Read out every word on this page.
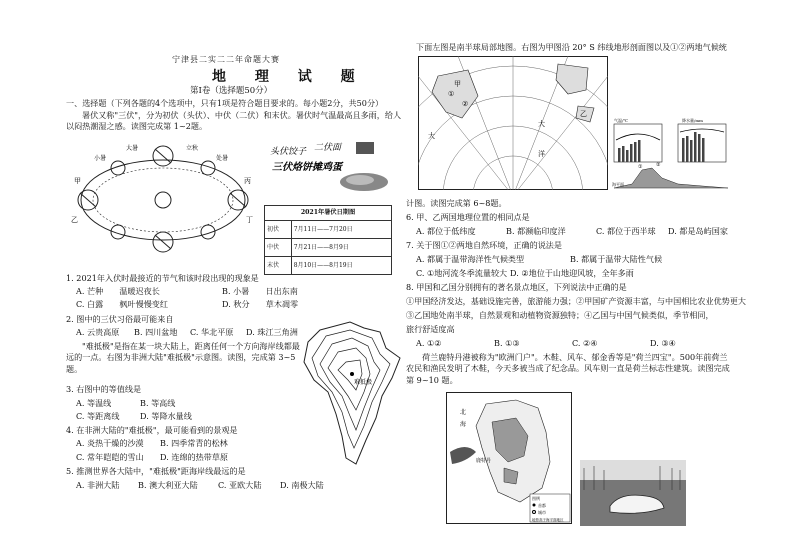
宁津县二实二二年命题大赛
地 理 试 题
第Ⅰ卷（选择题50分）
一、选择题（下列各题的4个选项中，只有1项是符合题目要求的。每小题2分，共50分）
暑伏又称"三伏"，分为初伏（头伏）、中伏（二伏）和末伏。暑伏时气温最高且多雨，给人以闷热潮湿之感。读图完成第 1~2题。
甲
乙
丙
丁
小暑
大暑	立秋
处暑
头伏饺子 二伏面
三伏烙饼摊鸡蛋
2021年暑伏日期图	
初伏	7月11日——7月20日
中伏	7月21日——8月9日
末伏	8月10日——8月19日
1. 2021年入伏时最接近的节气和该时段出现的现象是
A. 芒种　　温暖迟夜长	B. 小暑　　日出东南
C. 白露　　枫叶慢慢变红	D. 秋分　　草木凋零
2. 图中的三伏习俗最可能来自
A. 云贵高原 B. 四川盆地 C. 华北平原 D. 珠江三角洲
"难抵极"是指在某一块大陆上，距离任何一个方向海岸线都最远的一点。右图为非洲大陆"难抵极"示意图。读图，完成第 3~5题。
3. 右图中的等值线是
A. 等温线	B. 等高线
C. 等距离线	D. 等降水量线
4. 在非洲大陆的"难抵极"，最可能看到的景观是
A. 炎热干燥的沙漠 B. 四季常青的松林
C. 常年皑皑的雪山 D. 连绵的热带草原
5. 推测世界各大陆中，"难抵极"距海岸线最远的是
A. 非洲大陆 B. 澳大利亚大陆	C. 亚欧大陆 D. 南极大陆
难抵极
下面左图是南半球局部地图。右图为甲图沿 20° S 纬线地形剖面图以及①②两地气候统
大
大
洋
①
②
甲
乙
气温/℃	降水量/mm
海平面
①	②
计图。读图完成第 6~8题。
6. 甲、乙两国地理位置的相同点是
A. 都位于低纬度	B. 都濒临印度洋	C. 都位于西半球 D. 都是岛屿国家
7. 关于图①②两地自然环境，正确的说法是
A. 都属于温带海洋性气候类型	B. 都属于温带大陆性气候
C. ①地河流冬季流量较大 D. ②地位于山地迎风坡，全年多雨
8. 甲国和乙国分别拥有的著名景点地区，下列说法中正确的是
①甲国经济发达，基础设施完善，旅游能力强；②甲国矿产资源丰富，与中国相比农业优势更大
③乙国地处南半球，自然景观和动植物资源独特；④乙国与中国气候类似，季节相同，
旅行舒适度高
A. ①②	B. ①③	C. ②④	D. ③④
荷兰鹿特丹港被称为"欧洲门户"。木鞋、风车、郁金香等是"荷兰四宝"。500年前荷兰农民和渔民发明了木鞋，今天多被当成了纪念品。风车则一直是荷兰标志性建筑。读图完成第 9~10 题。
北
海
鹿特丹
图例
首都
城市
地势高于海平面地区
